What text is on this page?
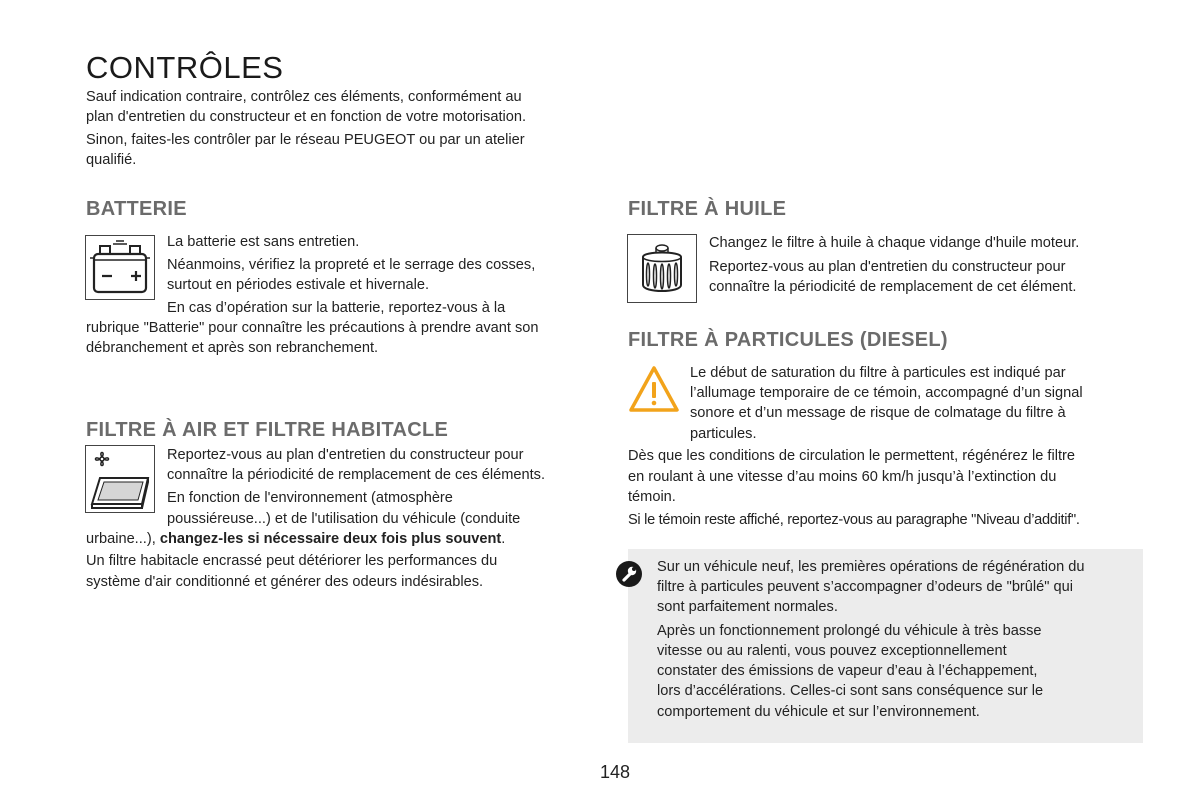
CONTRÔLES

Sauf indication contraire, contrôlez ces éléments, conformément au

plan d'entretien du constructeur et en fonction de votre motorisation.

Sinon, faites-les contrôler par le réseau PEUGEOT ou par un atelier

qualifié.

BATTERIE

La batterie est sans entretien.

Néanmoins, vérifiez la propreté et le serrage des cosses,

surtout en périodes estivale et hivernale.

En cas d’opération sur la batterie, reportez-vous à la

rubrique "Batterie" pour connaître les précautions à prendre avant son

débranchement et après son rebranchement.

FILTRE À AIR ET FILTRE HABITACLE

Reportez-vous au plan d'entretien du constructeur pour

connaître la périodicité de remplacement de ces éléments.

En fonction de l'environnement (atmosphère

poussiéreuse...) et de l'utilisation du véhicule (conduite

urbaine...), changez-les si nécessaire deux fois plus souvent.

Un filtre habitacle encrassé peut détériorer les performances du

système d'air conditionné et générer des odeurs indésirables.

FILTRE À HUILE

Changez le filtre à huile à chaque vidange d'huile moteur.

Reportez-vous au plan d'entretien du constructeur pour

connaître la périodicité de remplacement de cet élément.

FILTRE À PARTICULES (DIESEL)

Le début de saturation du filtre à particules est indiqué par

l’allumage temporaire de ce témoin, accompagné d’un signal

sonore et d’un message de risque de colmatage du filtre à

particules.

Dès que les conditions de circulation le permettent, régénérez le filtre

en roulant à une vitesse d’au moins 60 km/h jusqu’à l’extinction du

témoin.

Si le témoin reste affiché, reportez-vous au paragraphe "Niveau d’additif".

Sur un véhicule neuf, les premières opérations de régénération du

filtre à particules peuvent s’accompagner d’odeurs de "brûlé" qui

sont parfaitement normales.

Après un fonctionnement prolongé du véhicule à très basse

vitesse ou au ralenti, vous pouvez exceptionnellement

constater des émissions de vapeur d’eau à l’échappement,

lors d’accélérations. Celles-ci sont sans conséquence sur le

comportement du véhicule et sur l’environnement.

148
